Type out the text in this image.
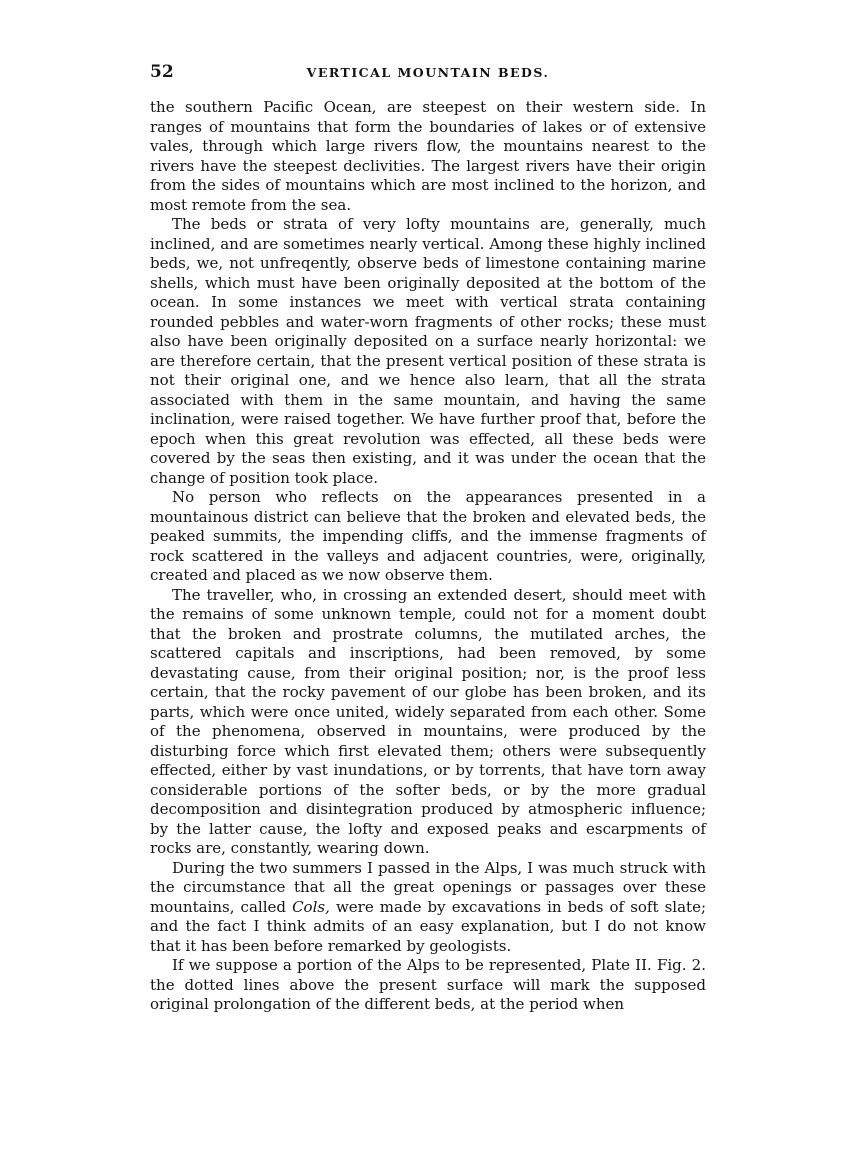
52	VERTICAL MOUNTAIN BEDS.

the southern Pacific Ocean, are steepest on their western side. In ranges of mountains that form the boundaries of lakes or of extensive vales, through which large rivers flow, the mountains nearest to the rivers have the steepest declivities. The largest rivers have their origin from the sides of mountains which are most inclined to the horizon, and most remote from the sea.

The beds or strata of very lofty mountains are, generally, much inclined, and are sometimes nearly vertical. Among these highly inclined beds, we, not unfreqently, observe beds of limestone containing marine shells, which must have been originally deposited at the bottom of the ocean. In some instances we meet with vertical strata containing rounded pebbles and water-worn fragments of other rocks; these must also have been originally deposited on a surface nearly horizontal: we are therefore certain, that the present vertical position of these strata is not their original one, and we hence also learn, that all the strata associated with them in the same mountain, and having the same inclination, were raised together. We have further proof that, before the epoch when this great revolution was effected, all these beds were covered by the seas then existing, and it was under the ocean that the change of position took place.

No person who reflects on the appearances presented in a mountainous district can believe that the broken and elevated beds, the peaked summits, the impending cliffs, and the immense fragments of rock scattered in the valleys and adjacent countries, were, originally, created and placed as we now observe them.

The traveller, who, in crossing an extended desert, should meet with the remains of some unknown temple, could not for a moment doubt that the broken and prostrate columns, the mutilated arches, the scattered capitals and inscriptions, had been removed, by some devastating cause, from their original position; nor, is the proof less certain, that the rocky pavement of our globe has been broken, and its parts, which were once united, widely separated from each other. Some of the phenomena, observed in mountains, were produced by the disturbing force which first elevated them; others were subsequently effected, either by vast inundations, or by torrents, that have torn away considerable portions of the softer beds, or by the more gradual decomposition and disintegration produced by atmospheric influence; by the latter cause, the lofty and exposed peaks and escarpments of rocks are, constantly, wearing down.

During the two summers I passed in the Alps, I was much struck with the circumstance that all the great openings or passages over these mountains, called Cols, were made by excavations in beds of soft slate; and the fact I think admits of an easy explanation, but I do not know that it has been before remarked by geologists.

If we suppose a portion of the Alps to be represented, Plate II. Fig. 2. the dotted lines above the present surface will mark the supposed original prolongation of the different beds, at the period when
